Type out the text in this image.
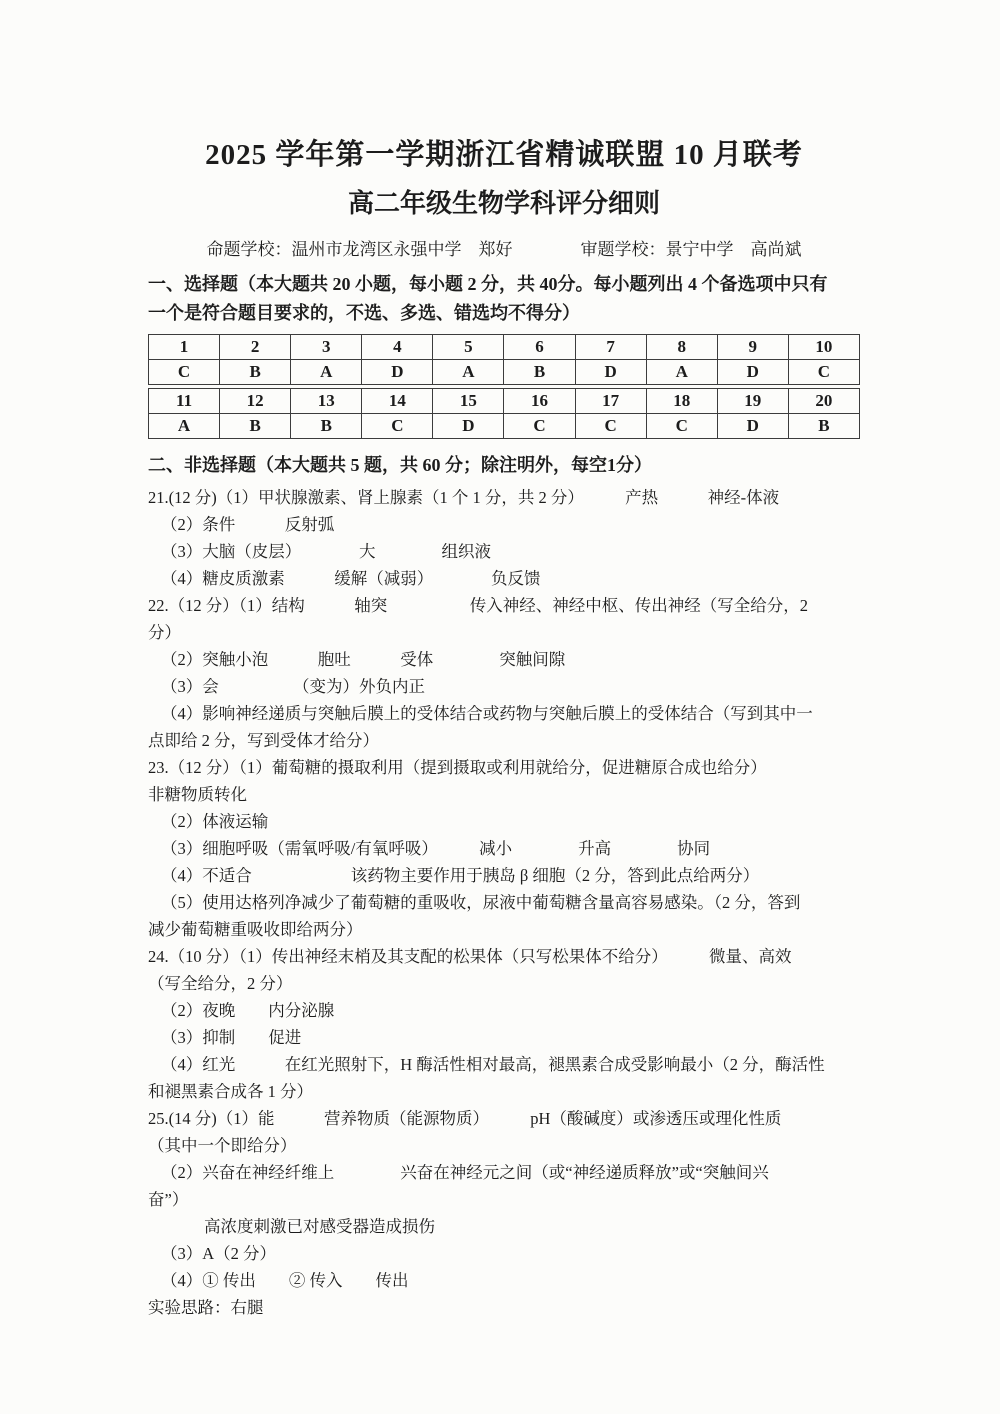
2025 学年第一学期浙江省精诚联盟 10 月联考
高二年级生物学科评分细则
命题学校：温州市龙湾区永强中学　郑好　　　　审题学校：景宁中学　高尚斌
一、选择题（本大题共 20 小题，每小题 2 分，共 40分。每小题列出 4 个备选项中只有
一个是符合题目要求的，不选、多选、错选均不得分）
1	2	3	4	5	6	7	8	9	10
C	B	A	D	A	B	D	A	D	C
11	12	13	14	15	16	17	18	19	20
A	B	B	C	D	C	C	C	D	B
二、非选择题（本大题共 5 题，共 60 分；除注明外，每空1分）
21.(12 分)（1）甲状腺激素、肾上腺素（1 个 1 分，共 2 分）　　　产热　　　神经-体液
（2）条件　　　反射弧
（3）大脑（皮层）　　　　大　　　　组织液
（4）糖皮质激素　　　缓解（减弱）　　　　负反馈
22.（12 分）（1）结构　　　轴突　　　　　传入神经、神经中枢、传出神经（写全给分，2
分）
（2）突触小泡　　　胞吐　　　受体　　　　突触间隙
（3）会　　　　　（变为）外负内正
（4）影响神经递质与突触后膜上的受体结合或药物与突触后膜上的受体结合（写到其中一
点即给 2 分，写到受体才给分）
23.（12 分）（1）葡萄糖的摄取利用（提到摄取或利用就给分，促进糖原合成也给分）
非糖物质转化
（2）体液运输
（3）细胞呼吸（需氧呼吸/有氧呼吸）　　　减小　　　　升高　　　　协同
（4）不适合　　　　　　该药物主要作用于胰岛 β 细胞（2 分，答到此点给两分）
（5）使用达格列净减少了葡萄糖的重吸收，尿液中葡萄糖含量高容易感染。（2 分，答到
减少葡萄糖重吸收即给两分）
24.（10 分）（1）传出神经末梢及其支配的松果体（只写松果体不给分）　　　微量、高效
（写全给分，2 分）
（2）夜晚　　内分泌腺
（3）抑制　　促进
（4）红光　　　在红光照射下，H 酶活性相对最高，褪黑素合成受影响最小（2 分，酶活性
和褪黑素合成各 1 分）
25.(14 分)（1）能　　　营养物质（能源物质）　　　pH（酸碱度）或渗透压或理化性质
（其中一个即给分）
（2）兴奋在神经纤维上　　　　兴奋在神经元之间（或“神经递质释放”或“突触间兴
奋”）
高浓度刺激已对感受器造成损伤
（3）A（2 分）
（4）① 传出　　② 传入　　传出
实验思路：右腿
